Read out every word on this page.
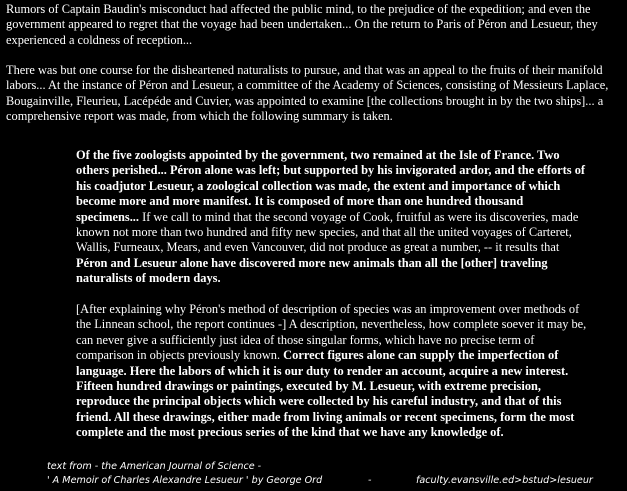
Rumors of Captain Baudin's misconduct had affected the public mind, to the prejudice of the expedition; and even the government appeared to regret that the voyage had been undertaken... On the return to Paris of Péron and Lesueur, they experienced a coldness of reception...

There was but one course for the disheartened naturalists to pursue, and that was an appeal to the fruits of their manifold labors... At the instance of Péron and Lesueur, a committee of the Academy of Sciences, consisting of Messieurs Laplace, Bougainville, Fleurieu, Lacépéde and Cuvier, was appointed to examine [the collections brought in by the two ships]... a comprehensive report was made, from which the following summary is taken.

Of the five zoologists appointed by the government, two remained at the Isle of France. Two others perished... Péron alone was left; but supported by his invigorated ardor, and the efforts of his coadjutor Lesueur, a zoological collection was made, the extent and importance of which become more and more manifest. It is composed of more than one hundred thousand specimens... If we call to mind that the second voyage of Cook, fruitful as were its discoveries, made known not more than two hundred and fifty new species, and that all the united voyages of Carteret, Wallis, Furneaux, Mears, and even Vancouver, did not produce as great a number, -- it results that Péron and Lesueur alone have discovered more new animals than all the [other] traveling naturalists of modern days.

[After explaining why Péron's method of description of species was an improvement over methods of the Linnean school, the report continues -] A description, nevertheless, how complete soever it may be, can never give a sufficiently just idea of those singular forms, which have no precise term of comparison in objects previously known. Correct figures alone can supply the imperfection of language. Here the labors of which it is our duty to render an account, acquire a new interest. Fifteen hundred drawings or paintings, executed by M. Lesueur, with extreme precision, reproduce the principal objects which were collected by his careful industry, and that of this friend. All these drawings, either made from living animals or recent specimens, form the most complete and the most precious series of the kind that we have any knowledge of.

text from - the American Journal of Science -
' A Memoir of Charles Alexandre Lesueur ' by George Ord	-	faculty.evansville.ed>bstud>lesueur
